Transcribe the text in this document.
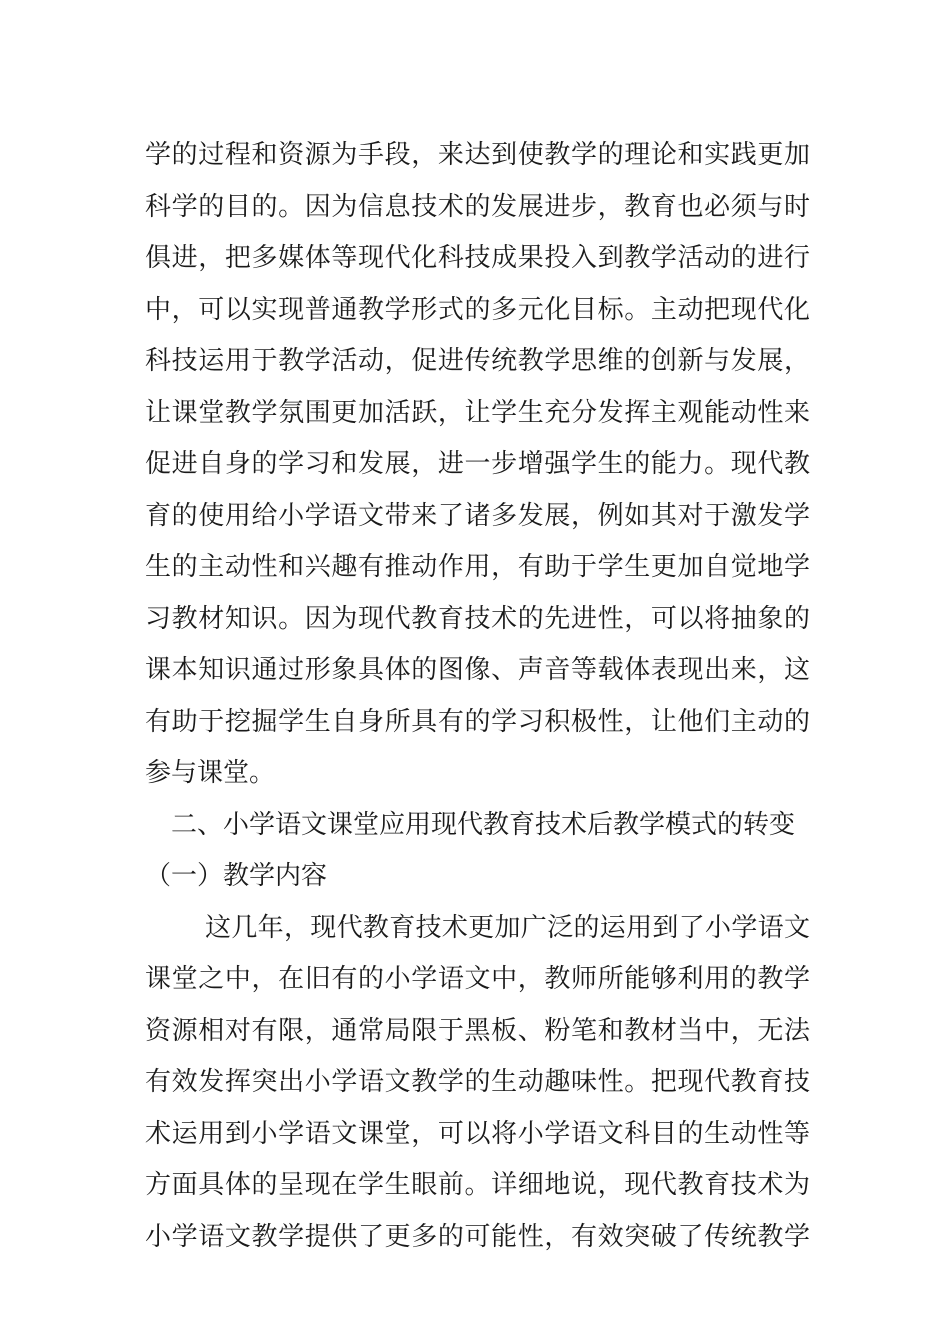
学的过程和资源为手段，来达到使教学的理论和实践更加
科学的目的。因为信息技术的发展进步，教育也必须与时
俱进，把多媒体等现代化科技成果投入到教学活动的进行
中，可以实现普通教学形式的多元化目标。主动把现代化
科技运用于教学活动，促进传统教学思维的创新与发展，
让课堂教学氛围更加活跃，让学生充分发挥主观能动性来
促进自身的学习和发展，进一步增强学生的能力。现代教
育的使用给小学语文带来了诸多发展，例如其对于激发学
生的主动性和兴趣有推动作用，有助于学生更加自觉地学
习教材知识。因为现代教育技术的先进性，可以将抽象的
课本知识通过形象具体的图像、声音等载体表现出来，这
有助于挖掘学生自身所具有的学习积极性，让他们主动的
参与课堂。
二、小学语文课堂应用现代教育技术后教学模式的转变
（一）教学内容
这几年，现代教育技术更加广泛的运用到了小学语文
课堂之中，在旧有的小学语文中，教师所能够利用的教学
资源相对有限，通常局限于黑板、粉笔和教材当中，无法
有效发挥突出小学语文教学的生动趣味性。把现代教育技
术运用到小学语文课堂，可以将小学语文科目的生动性等
方面具体的呈现在学生眼前。详细地说，现代教育技术为
小学语文教学提供了更多的可能性，有效突破了传统教学
